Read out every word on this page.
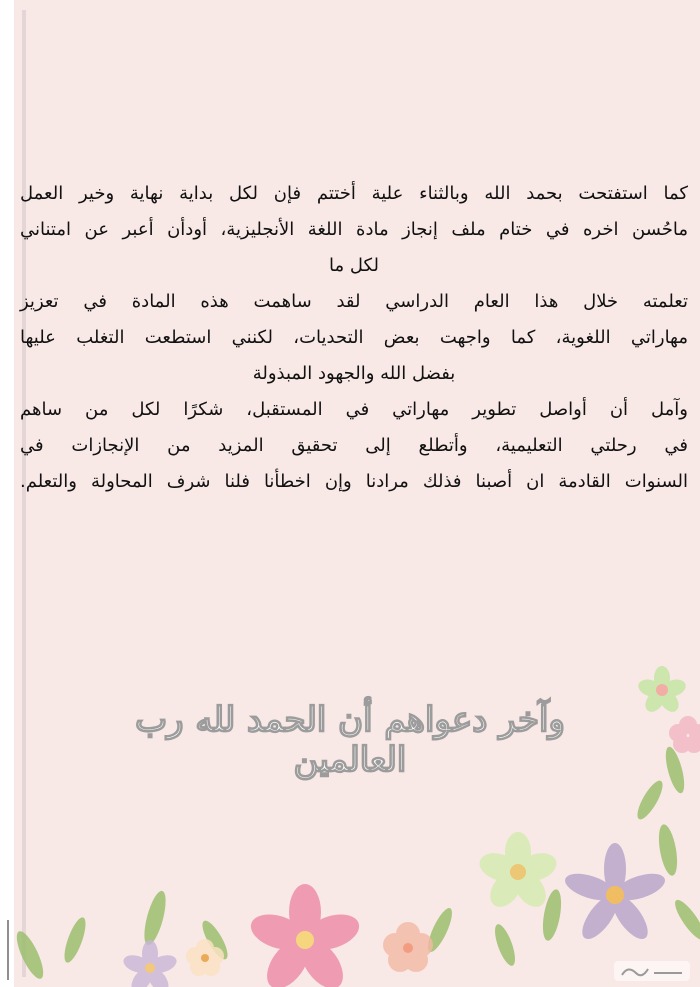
كما استفتحت بحمد الله وبالثناء علية أختتم فإن لكل بداية نهاية وخير العمل
ماحُسن اخره في ختام ملف إنجاز مادة اللغة الأنجليزية، أودأن أعبر عن امتناني
لكل ما
تعلمته خلال هذا العام الدراسي لقد ساهمت هذه المادة في تعزيز
مهاراتي اللغوية، كما واجهت بعض التحديات، لكنني استطعت التغلب عليها
بفضل الله والجهود المبذولة
وآمل أن أواصل تطوير مهاراتي في المستقبل، شكرًا لكل من ساهم
في رحلتي التعليمية، وأتطلع إلى تحقيق المزيد من الإنجازات في
السنوات القادمة ان أصبنا فذلك مرادنا وإن اخطأنا فلنا شرف المحاولة والتعلم.
وآخر دعواهم أن الحمد لله رب العالمين
